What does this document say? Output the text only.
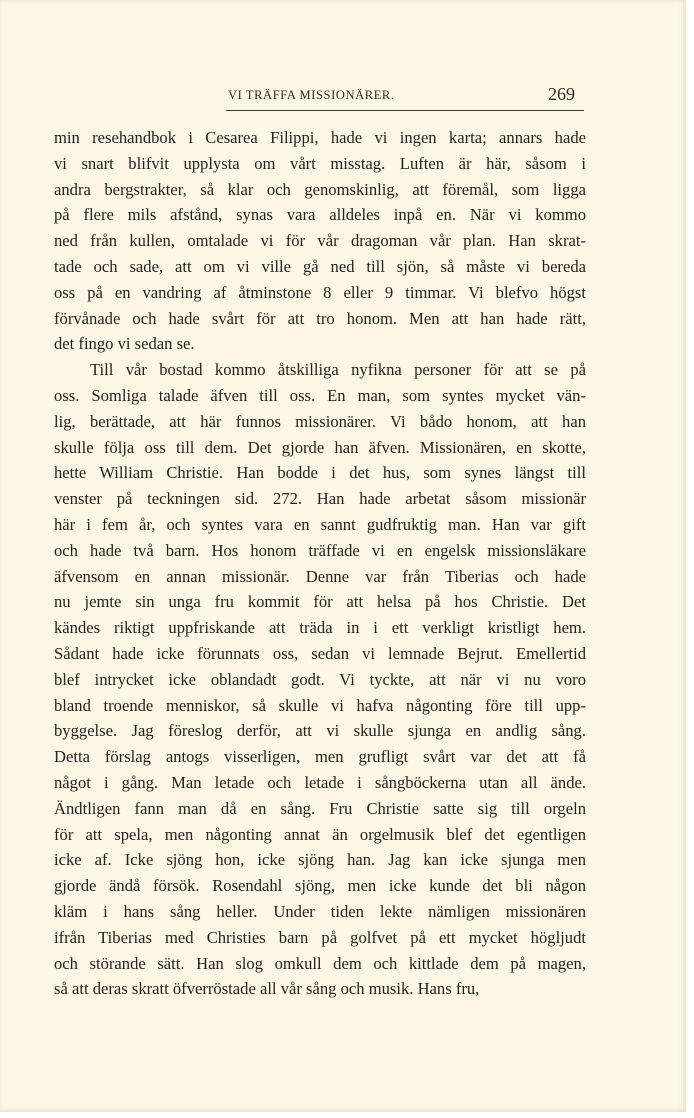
VI TRÄFFA MISSIONÄRER.	269
min resehandbok i Cesarea Filippi, hade vi ingen karta; annars hade
vi snart blifvit upplysta om vårt misstag. Luften är här, såsom i
andra bergstrakter, så klar och genomskinlig, att föremål, som ligga
på flere mils afstånd, synas vara alldeles inpå en. När vi kommo
ned från kullen, omtalade vi för vår dragoman vår plan. Han skrat-
tade och sade, att om vi ville gå ned till sjön, så måste vi bereda
oss på en vandring af åtminstone 8 eller 9 timmar. Vi blefvo högst
förvånade och hade svårt för att tro honom. Men att han hade rätt,
det fingo vi sedan se.
Till vår bostad kommo åtskilliga nyfikna personer för att se på
oss. Somliga talade äfven till oss. En man, som syntes mycket vän-
lig, berättade, att här funnos missionärer. Vi bådo honom, att han
skulle följa oss till dem. Det gjorde han äfven. Missionären, en skotte,
hette William Christie. Han bodde i det hus, som synes längst till
venster på teckningen sid. 272. Han hade arbetat såsom missionär
här i fem år, och syntes vara en sannt gudfruktig man. Han var gift
och hade två barn. Hos honom träffade vi en engelsk missionsläkare
äfvensom en annan missionär. Denne var från Tiberias och hade
nu jemte sin unga fru kommit för att helsa på hos Christie. Det
kändes riktigt uppfriskande att träda in i ett verkligt kristligt hem.
Sådant hade icke förunnats oss, sedan vi lemnade Bejrut. Emellertid
blef intrycket icke oblandadt godt. Vi tyckte, att när vi nu voro
bland troende menniskor, så skulle vi hafva någonting före till upp-
byggelse. Jag föreslog derför, att vi skulle sjunga en andlig sång.
Detta förslag antogs visserligen, men grufligt svårt var det att få
något i gång. Man letade och letade i sångböckerna utan all ände.
Ändtligen fann man då en sång. Fru Christie satte sig till orgeln
för att spela, men någonting annat än orgelmusik blef det egentligen
icke af. Icke sjöng hon, icke sjöng han. Jag kan icke sjunga men
gjorde ändå försök. Rosendahl sjöng, men icke kunde det bli någon
kläm i hans sång heller. Under tiden lekte nämligen missionären
ifrån Tiberias med Christies barn på golfvet på ett mycket högljudt
och störande sätt. Han slog omkull dem och kittlade dem på magen,
så att deras skratt öfverröstade all vår sång och musik. Hans fru,
